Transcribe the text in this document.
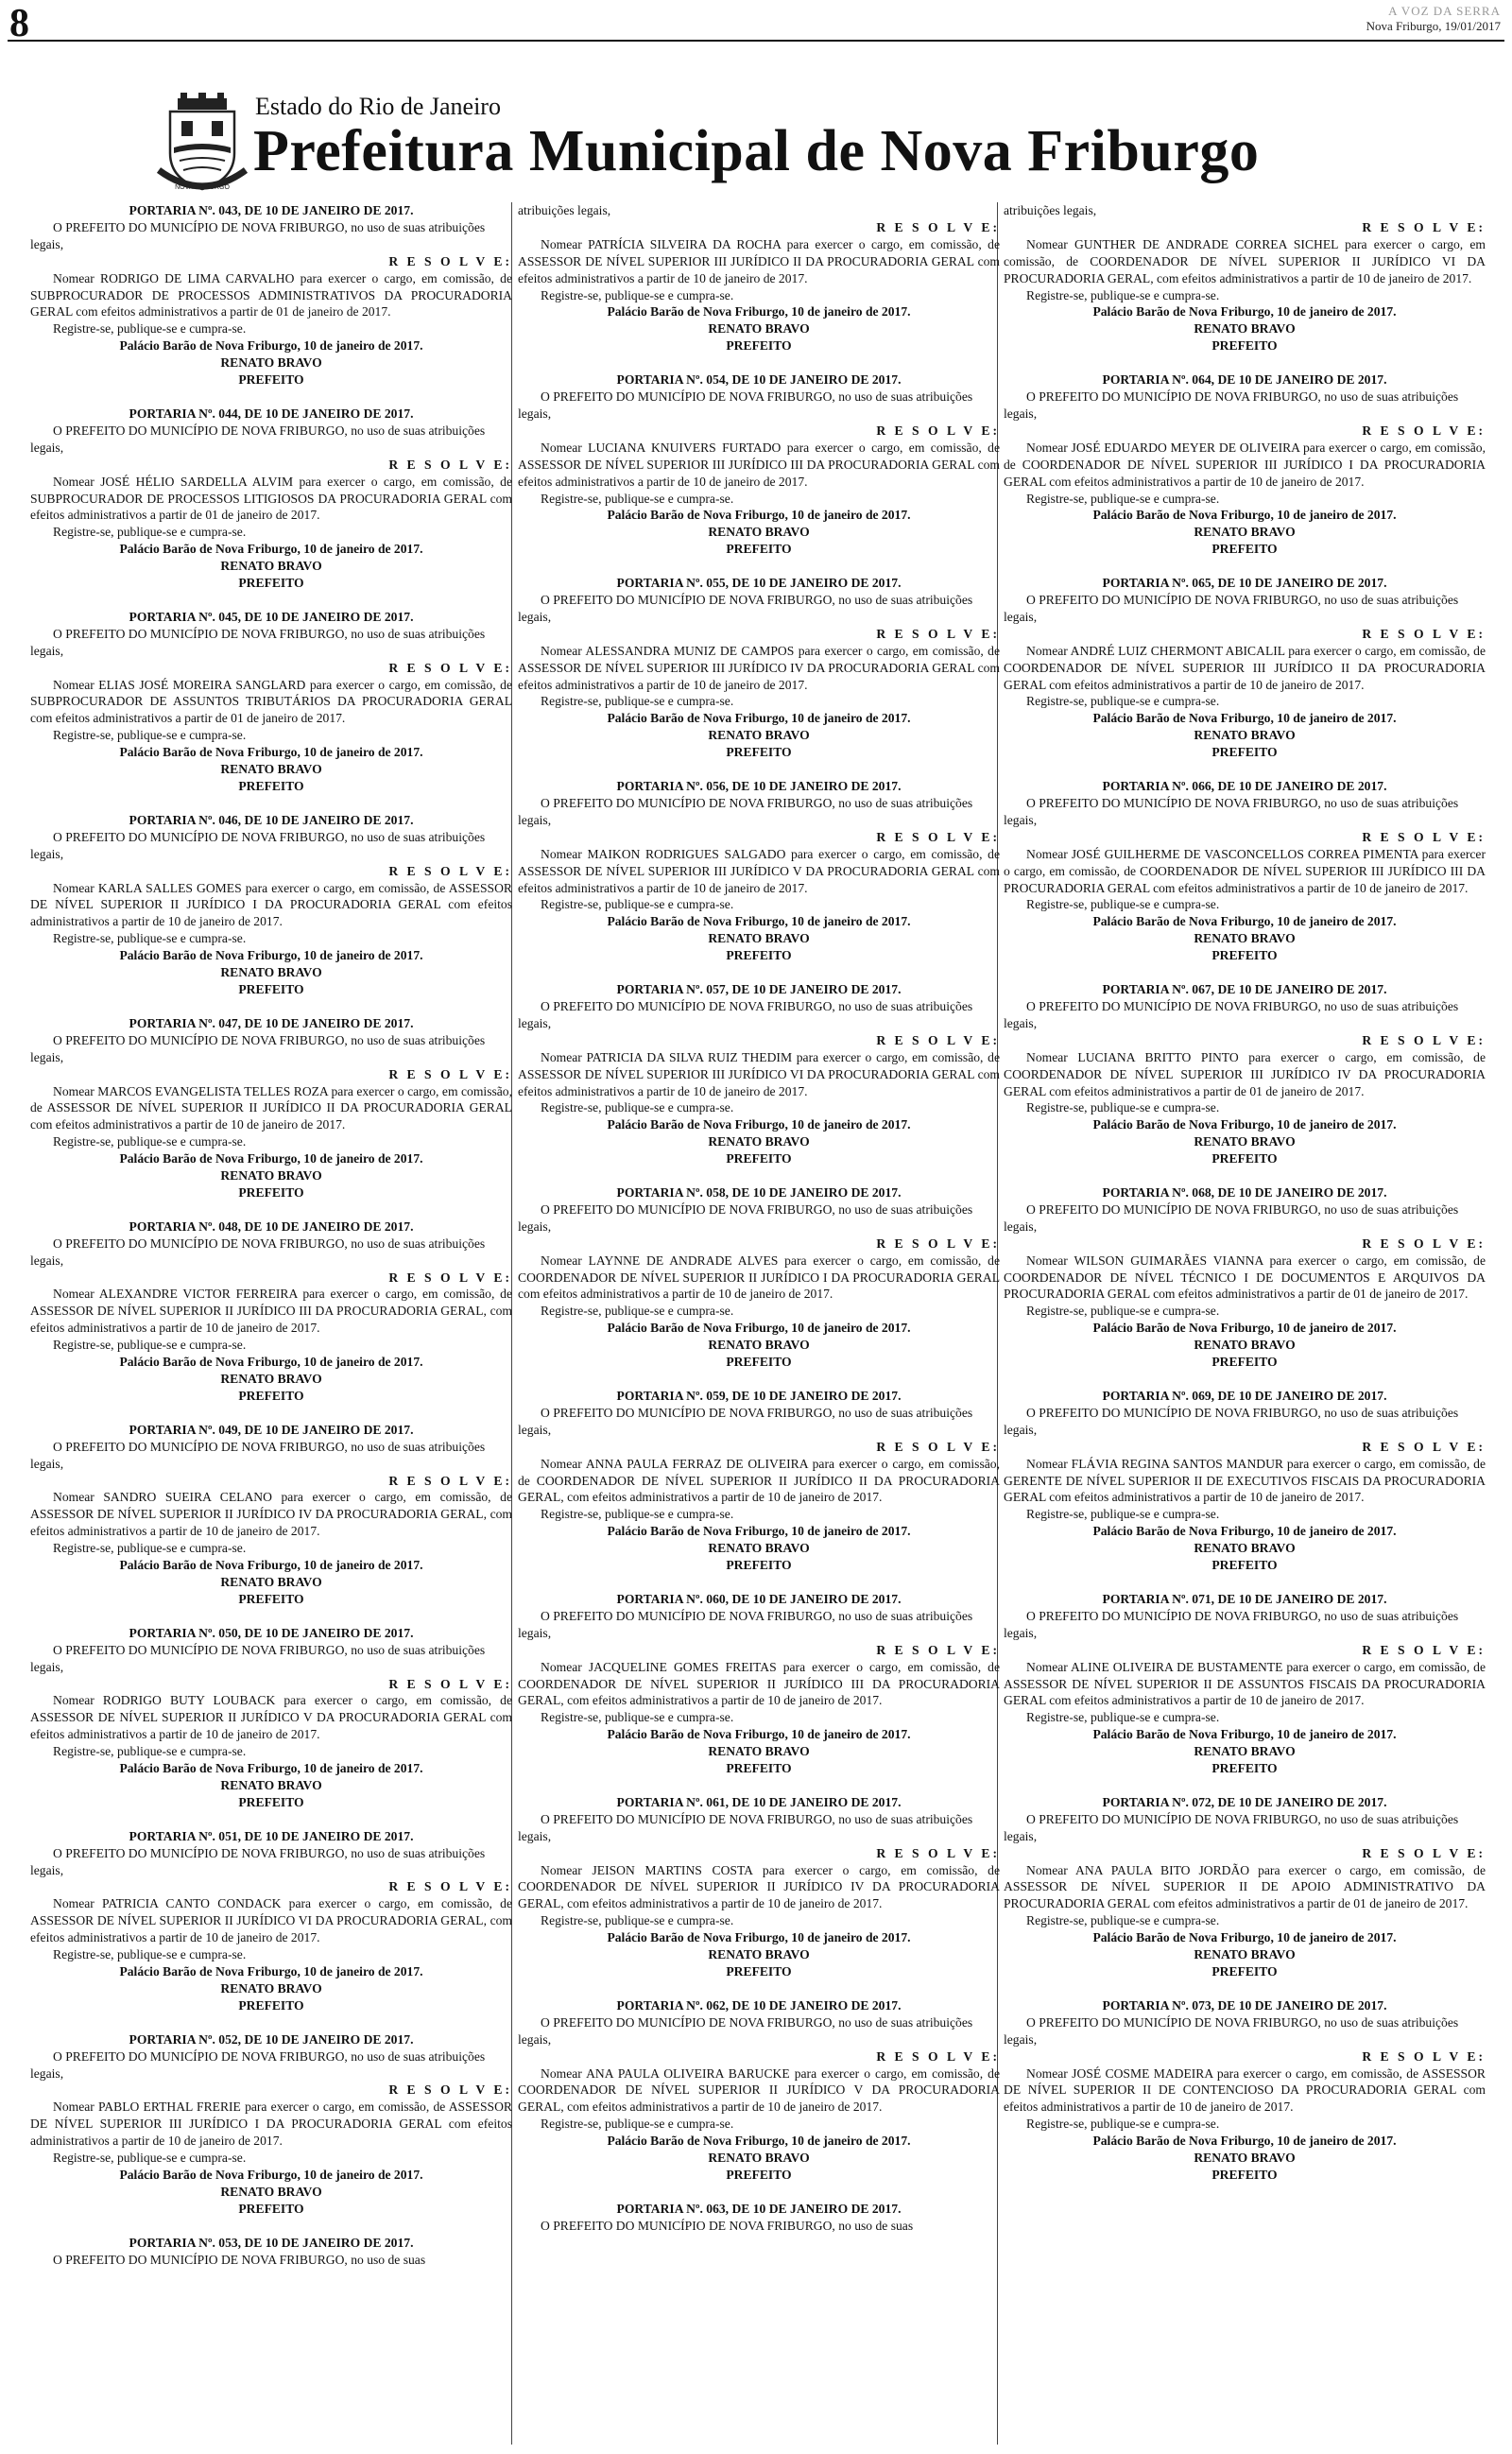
8	A VOZ DA SERRA
Nova Friburgo, 19/01/2017
NOVA FRIBURGO
Estado do Rio de Janeiro
Prefeitura Municipal de Nova Friburgo
PORTARIA Nº. 043, DE 10 DE JANEIRO DE 2017.
O PREFEITO DO MUNICÍPIO DE NOVA FRIBURGO, no uso de suas atribuições legais,
R E S O L V E:
Nomear RODRIGO DE LIMA CARVALHO para exercer o cargo, em comissão, de SUBPROCURADOR DE PROCESSOS ADMINISTRATIVOS DA PROCURADORIA GERAL com efeitos administrativos a partir de 01 de janeiro de 2017.
Registre-se, publique-se e cumpra-se.
Palácio Barão de Nova Friburgo, 10 de janeiro de 2017.
RENATO BRAVO
PREFEITO
PORTARIA Nº. 044, DE 10 DE JANEIRO DE 2017.
O PREFEITO DO MUNICÍPIO DE NOVA FRIBURGO, no uso de suas atribuições legais,
R E S O L V E:
Nomear JOSÉ HÉLIO SARDELLA ALVIM para exercer o cargo, em comissão, de SUBPROCURADOR DE PROCESSOS LITIGIOSOS DA PROCURADORIA GERAL com efeitos administrativos a partir de 01 de janeiro de 2017.
Registre-se, publique-se e cumpra-se.
Palácio Barão de Nova Friburgo, 10 de janeiro de 2017.
RENATO BRAVO
PREFEITO
PORTARIA Nº. 045, DE 10 DE JANEIRO DE 2017.
O PREFEITO DO MUNICÍPIO DE NOVA FRIBURGO, no uso de suas atribuições legais,
R E S O L V E:
Nomear ELIAS JOSÉ MOREIRA SANGLARD para exercer o cargo, em comissão, de SUBPROCURADOR DE ASSUNTOS TRIBUTÁRIOS DA PROCURADORIA GERAL com efeitos administrativos a partir de 01 de janeiro de 2017.
Registre-se, publique-se e cumpra-se.
Palácio Barão de Nova Friburgo, 10 de janeiro de 2017.
RENATO BRAVO
PREFEITO
PORTARIA Nº. 046, DE 10 DE JANEIRO DE 2017.
O PREFEITO DO MUNICÍPIO DE NOVA FRIBURGO, no uso de suas atribuições legais,
R E S O L V E:
Nomear KARLA SALLES GOMES para exercer o cargo, em comissão, de ASSESSOR DE NÍVEL SUPERIOR II JURÍDICO I DA PROCURADORIA GERAL com efeitos administrativos a partir de 10 de janeiro de 2017.
Registre-se, publique-se e cumpra-se.
Palácio Barão de Nova Friburgo, 10 de janeiro de 2017.
RENATO BRAVO
PREFEITO
PORTARIA Nº. 047, DE 10 DE JANEIRO DE 2017.
O PREFEITO DO MUNICÍPIO DE NOVA FRIBURGO, no uso de suas atribuições legais,
R E S O L V E:
Nomear MARCOS EVANGELISTA TELLES ROZA para exercer o cargo, em comissão, de ASSESSOR DE NÍVEL SUPERIOR II JURÍDICO II DA PROCURADORIA GERAL com efeitos administrativos a partir de 10 de janeiro de 2017.
Registre-se, publique-se e cumpra-se.
Palácio Barão de Nova Friburgo, 10 de janeiro de 2017.
RENATO BRAVO
PREFEITO
PORTARIA Nº. 048, DE 10 DE JANEIRO DE 2017.
O PREFEITO DO MUNICÍPIO DE NOVA FRIBURGO, no uso de suas atribuições legais,
R E S O L V E:
Nomear ALEXANDRE VICTOR FERREIRA para exercer o cargo, em comissão, de ASSESSOR DE NÍVEL SUPERIOR II JURÍDICO III DA PROCURADORIA GERAL, com efeitos administrativos a partir de 10 de janeiro de 2017.
Registre-se, publique-se e cumpra-se.
Palácio Barão de Nova Friburgo, 10 de janeiro de 2017.
RENATO BRAVO
PREFEITO
PORTARIA Nº. 049, DE 10 DE JANEIRO DE 2017.
O PREFEITO DO MUNICÍPIO DE NOVA FRIBURGO, no uso de suas atribuições legais,
R E S O L V E:
Nomear SANDRO SUEIRA CELANO para exercer o cargo, em comissão, de ASSESSOR DE NÍVEL SUPERIOR II JURÍDICO IV DA PROCURADORIA GERAL, com efeitos administrativos a partir de 10 de janeiro de 2017.
Registre-se, publique-se e cumpra-se.
Palácio Barão de Nova Friburgo, 10 de janeiro de 2017.
RENATO BRAVO
PREFEITO
PORTARIA Nº. 050, DE 10 DE JANEIRO DE 2017.
O PREFEITO DO MUNICÍPIO DE NOVA FRIBURGO, no uso de suas atribuições legais,
R E S O L V E:
Nomear RODRIGO BUTY LOUBACK para exercer o cargo, em comissão, de ASSESSOR DE NÍVEL SUPERIOR II JURÍDICO V DA PROCURADORIA GERAL com efeitos administrativos a partir de 10 de janeiro de 2017.
Registre-se, publique-se e cumpra-se.
Palácio Barão de Nova Friburgo, 10 de janeiro de 2017.
RENATO BRAVO
PREFEITO
PORTARIA Nº. 051, DE 10 DE JANEIRO DE 2017.
O PREFEITO DO MUNICÍPIO DE NOVA FRIBURGO, no uso de suas atribuições legais,
R E S O L V E:
Nomear PATRICIA CANTO CONDACK para exercer o cargo, em comissão, de ASSESSOR DE NÍVEL SUPERIOR II JURÍDICO VI DA PROCURADORIA GERAL, com efeitos administrativos a partir de 10 de janeiro de 2017.
Registre-se, publique-se e cumpra-se.
Palácio Barão de Nova Friburgo, 10 de janeiro de 2017.
RENATO BRAVO
PREFEITO
PORTARIA Nº. 052, DE 10 DE JANEIRO DE 2017.
O PREFEITO DO MUNICÍPIO DE NOVA FRIBURGO, no uso de suas atribuições legais,
R E S O L V E:
Nomear PABLO ERTHAL FRERIE para exercer o cargo, em comissão, de ASSESSOR DE NÍVEL SUPERIOR III JURÍDICO I DA PROCURADORIA GERAL com efeitos administrativos a partir de 10 de janeiro de 2017.
Registre-se, publique-se e cumpra-se.
Palácio Barão de Nova Friburgo, 10 de janeiro de 2017.
RENATO BRAVO
PREFEITO
PORTARIA Nº. 053, DE 10 DE JANEIRO DE 2017.
O PREFEITO DO MUNICÍPIO DE NOVA FRIBURGO, no uso de suas
atribuições legais,
R E S O L V E:
Nomear PATRÍCIA SILVEIRA DA ROCHA para exercer o cargo, em comissão, de ASSESSOR DE NÍVEL SUPERIOR III JURÍDICO II DA PROCURADORIA GERAL com efeitos administrativos a partir de 10 de janeiro de 2017.
Registre-se, publique-se e cumpra-se.
Palácio Barão de Nova Friburgo, 10 de janeiro de 2017.
RENATO BRAVO
PREFEITO
PORTARIA Nº. 054, DE 10 DE JANEIRO DE 2017.
O PREFEITO DO MUNICÍPIO DE NOVA FRIBURGO, no uso de suas atribuições legais,
R E S O L V E:
Nomear LUCIANA KNUIVERS FURTADO para exercer o cargo, em comissão, de ASSESSOR DE NÍVEL SUPERIOR III JURÍDICO III DA PROCURADORIA GERAL com efeitos administrativos a partir de 10 de janeiro de 2017.
Registre-se, publique-se e cumpra-se.
Palácio Barão de Nova Friburgo, 10 de janeiro de 2017.
RENATO BRAVO
PREFEITO
PORTARIA Nº. 055, DE 10 DE JANEIRO DE 2017.
O PREFEITO DO MUNICÍPIO DE NOVA FRIBURGO, no uso de suas atribuições legais,
R E S O L V E:
Nomear ALESSANDRA MUNIZ DE CAMPOS para exercer o cargo, em comissão, de ASSESSOR DE NÍVEL SUPERIOR III JURÍDICO IV DA PROCURADORIA GERAL com efeitos administrativos a partir de 10 de janeiro de 2017.
Registre-se, publique-se e cumpra-se.
Palácio Barão de Nova Friburgo, 10 de janeiro de 2017.
RENATO BRAVO
PREFEITO
PORTARIA Nº. 056, DE 10 DE JANEIRO DE 2017.
O PREFEITO DO MUNICÍPIO DE NOVA FRIBURGO, no uso de suas atribuições legais,
R E S O L V E:
Nomear MAIKON RODRIGUES SALGADO para exercer o cargo, em comissão, de ASSESSOR DE NÍVEL SUPERIOR III JURÍDICO V DA PROCURADORIA GERAL com efeitos administrativos a partir de 10 de janeiro de 2017.
Registre-se, publique-se e cumpra-se.
Palácio Barão de Nova Friburgo, 10 de janeiro de 2017.
RENATO BRAVO
PREFEITO
PORTARIA Nº. 057, DE 10 DE JANEIRO DE 2017.
O PREFEITO DO MUNICÍPIO DE NOVA FRIBURGO, no uso de suas atribuições legais,
R E S O L V E:
Nomear PATRICIA DA SILVA RUIZ THEDIM para exercer o cargo, em comissão, de ASSESSOR DE NÍVEL SUPERIOR III JURÍDICO VI DA PROCURADORIA GERAL com efeitos administrativos a partir de 10 de janeiro de 2017.
Registre-se, publique-se e cumpra-se.
Palácio Barão de Nova Friburgo, 10 de janeiro de 2017.
RENATO BRAVO
PREFEITO
PORTARIA Nº. 058, DE 10 DE JANEIRO DE 2017.
O PREFEITO DO MUNICÍPIO DE NOVA FRIBURGO, no uso de suas atribuições legais,
R E S O L V E:
Nomear LAYNNE DE ANDRADE ALVES para exercer o cargo, em comissão, de COORDENADOR DE NÍVEL SUPERIOR II JURÍDICO I DA PROCURADORIA GERAL com efeitos administrativos a partir de 10 de janeiro de 2017.
Registre-se, publique-se e cumpra-se.
Palácio Barão de Nova Friburgo, 10 de janeiro de 2017.
RENATO BRAVO
PREFEITO
PORTARIA Nº. 059, DE 10 DE JANEIRO DE 2017.
O PREFEITO DO MUNICÍPIO DE NOVA FRIBURGO, no uso de suas atribuições legais,
R E S O L V E:
Nomear ANNA PAULA FERRAZ DE OLIVEIRA para exercer o cargo, em comissão, de COORDENADOR DE NÍVEL SUPERIOR II JURÍDICO II DA PROCURADORIA GERAL, com efeitos administrativos a partir de 10 de janeiro de 2017.
Registre-se, publique-se e cumpra-se.
Palácio Barão de Nova Friburgo, 10 de janeiro de 2017.
RENATO BRAVO
PREFEITO
PORTARIA Nº. 060, DE 10 DE JANEIRO DE 2017.
O PREFEITO DO MUNICÍPIO DE NOVA FRIBURGO, no uso de suas atribuições legais,
R E S O L V E:
Nomear JACQUELINE GOMES FREITAS para exercer o cargo, em comissão, de COORDENADOR DE NÍVEL SUPERIOR II JURÍDICO III DA PROCURADORIA GERAL, com efeitos administrativos a partir de 10 de janeiro de 2017.
Registre-se, publique-se e cumpra-se.
Palácio Barão de Nova Friburgo, 10 de janeiro de 2017.
RENATO BRAVO
PREFEITO
PORTARIA Nº. 061, DE 10 DE JANEIRO DE 2017.
O PREFEITO DO MUNICÍPIO DE NOVA FRIBURGO, no uso de suas atribuições legais,
R E S O L V E:
Nomear JEISON MARTINS COSTA para exercer o cargo, em comissão, de COORDENADOR DE NÍVEL SUPERIOR II JURÍDICO IV DA PROCURADORIA GERAL, com efeitos administrativos a partir de 10 de janeiro de 2017.
Registre-se, publique-se e cumpra-se.
Palácio Barão de Nova Friburgo, 10 de janeiro de 2017.
RENATO BRAVO
PREFEITO
PORTARIA Nº. 062, DE 10 DE JANEIRO DE 2017.
O PREFEITO DO MUNICÍPIO DE NOVA FRIBURGO, no uso de suas atribuições legais,
R E S O L V E:
Nomear ANA PAULA OLIVEIRA BARUCKE para exercer o cargo, em comissão, de COORDENADOR DE NÍVEL SUPERIOR II JURÍDICO V DA PROCURADORIA GERAL, com efeitos administrativos a partir de 10 de janeiro de 2017.
Registre-se, publique-se e cumpra-se.
Palácio Barão de Nova Friburgo, 10 de janeiro de 2017.
RENATO BRAVO
PREFEITO
PORTARIA Nº. 063, DE 10 DE JANEIRO DE 2017.
O PREFEITO DO MUNICÍPIO DE NOVA FRIBURGO, no uso de suas
atribuições legais,
R E S O L V E:
Nomear GUNTHER DE ANDRADE CORREA SICHEL para exercer o cargo, em comissão, de COORDENADOR DE NÍVEL SUPERIOR II JURÍDICO VI DA PROCURADORIA GERAL, com efeitos administrativos a partir de 10 de janeiro de 2017.
Registre-se, publique-se e cumpra-se.
Palácio Barão de Nova Friburgo, 10 de janeiro de 2017.
RENATO BRAVO
PREFEITO
PORTARIA Nº. 064, DE 10 DE JANEIRO DE 2017.
O PREFEITO DO MUNICÍPIO DE NOVA FRIBURGO, no uso de suas atribuições legais,
R E S O L V E:
Nomear JOSÉ EDUARDO MEYER DE OLIVEIRA para exercer o cargo, em comissão, de COORDENADOR DE NÍVEL SUPERIOR III JURÍDICO I DA PROCURADORIA GERAL com efeitos administrativos a partir de 10 de janeiro de 2017.
Registre-se, publique-se e cumpra-se.
Palácio Barão de Nova Friburgo, 10 de janeiro de 2017.
RENATO BRAVO
PREFEITO
PORTARIA Nº. 065, DE 10 DE JANEIRO DE 2017.
O PREFEITO DO MUNICÍPIO DE NOVA FRIBURGO, no uso de suas atribuições legais,
R E S O L V E:
Nomear ANDRÉ LUIZ CHERMONT ABICALIL para exercer o cargo, em comissão, de COORDENADOR DE NÍVEL SUPERIOR III JURÍDICO II DA PROCURADORIA GERAL com efeitos administrativos a partir de 10 de janeiro de 2017.
Registre-se, publique-se e cumpra-se.
Palácio Barão de Nova Friburgo, 10 de janeiro de 2017.
RENATO BRAVO
PREFEITO
PORTARIA Nº. 066, DE 10 DE JANEIRO DE 2017.
O PREFEITO DO MUNICÍPIO DE NOVA FRIBURGO, no uso de suas atribuições legais,
R E S O L V E:
Nomear JOSÉ GUILHERME DE VASCONCELLOS CORREA PIMENTA para exercer o cargo, em comissão, de COORDENADOR DE NÍVEL SUPERIOR III JURÍDICO III DA PROCURADORIA GERAL com efeitos administrativos a partir de 10 de janeiro de 2017.
Registre-se, publique-se e cumpra-se.
Palácio Barão de Nova Friburgo, 10 de janeiro de 2017.
RENATO BRAVO
PREFEITO
PORTARIA Nº. 067, DE 10 DE JANEIRO DE 2017.
O PREFEITO DO MUNICÍPIO DE NOVA FRIBURGO, no uso de suas atribuições legais,
R E S O L V E:
Nomear LUCIANA BRITTO PINTO para exercer o cargo, em comissão, de COORDENADOR DE NÍVEL SUPERIOR III JURÍDICO IV DA PROCURADORIA GERAL com efeitos administrativos a partir de 01 de janeiro de 2017.
Registre-se, publique-se e cumpra-se.
Palácio Barão de Nova Friburgo, 10 de janeiro de 2017.
RENATO BRAVO
PREFEITO
PORTARIA Nº. 068, DE 10 DE JANEIRO DE 2017.
O PREFEITO DO MUNICÍPIO DE NOVA FRIBURGO, no uso de suas atribuições legais,
R E S O L V E:
Nomear WILSON GUIMARÃES VIANNA para exercer o cargo, em comissão, de COORDENADOR DE NÍVEL TÉCNICO I DE DOCUMENTOS E ARQUIVOS DA PROCURADORIA GERAL com efeitos administrativos a partir de 01 de janeiro de 2017.
Registre-se, publique-se e cumpra-se.
Palácio Barão de Nova Friburgo, 10 de janeiro de 2017.
RENATO BRAVO
PREFEITO
PORTARIA Nº. 069, DE 10 DE JANEIRO DE 2017.
O PREFEITO DO MUNICÍPIO DE NOVA FRIBURGO, no uso de suas atribuições legais,
R E S O L V E:
Nomear FLÁVIA REGINA SANTOS MANDUR para exercer o cargo, em comissão, de GERENTE DE NÍVEL SUPERIOR II DE EXECUTIVOS FISCAIS DA PROCURADORIA GERAL com efeitos administrativos a partir de 10 de janeiro de 2017.
Registre-se, publique-se e cumpra-se.
Palácio Barão de Nova Friburgo, 10 de janeiro de 2017.
RENATO BRAVO
PREFEITO
PORTARIA Nº. 071, DE 10 DE JANEIRO DE 2017.
O PREFEITO DO MUNICÍPIO DE NOVA FRIBURGO, no uso de suas atribuições legais,
R E S O L V E:
Nomear ALINE OLIVEIRA DE BUSTAMENTE para exercer o cargo, em comissão, de ASSESSOR DE NÍVEL SUPERIOR II DE ASSUNTOS FISCAIS DA PROCURADORIA GERAL com efeitos administrativos a partir de 10 de janeiro de 2017.
Registre-se, publique-se e cumpra-se.
Palácio Barão de Nova Friburgo, 10 de janeiro de 2017.
RENATO BRAVO
PREFEITO
PORTARIA Nº. 072, DE 10 DE JANEIRO DE 2017.
O PREFEITO DO MUNICÍPIO DE NOVA FRIBURGO, no uso de suas atribuições legais,
R E S O L V E:
Nomear ANA PAULA BITO JORDÃO para exercer o cargo, em comissão, de ASSESSOR DE NÍVEL SUPERIOR II DE APOIO ADMINISTRATIVO DA PROCURADORIA GERAL com efeitos administrativos a partir de 01 de janeiro de 2017.
Registre-se, publique-se e cumpra-se.
Palácio Barão de Nova Friburgo, 10 de janeiro de 2017.
RENATO BRAVO
PREFEITO
PORTARIA Nº. 073, DE 10 DE JANEIRO DE 2017.
O PREFEITO DO MUNICÍPIO DE NOVA FRIBURGO, no uso de suas atribuições legais,
R E S O L V E:
Nomear JOSÉ COSME MADEIRA para exercer o cargo, em comissão, de ASSESSOR DE NÍVEL SUPERIOR II DE CONTENCIOSO DA PROCURADORIA GERAL com efeitos administrativos a partir de 10 de janeiro de 2017.
Registre-se, publique-se e cumpra-se.
Palácio Barão de Nova Friburgo, 10 de janeiro de 2017.
RENATO BRAVO
PREFEITO
